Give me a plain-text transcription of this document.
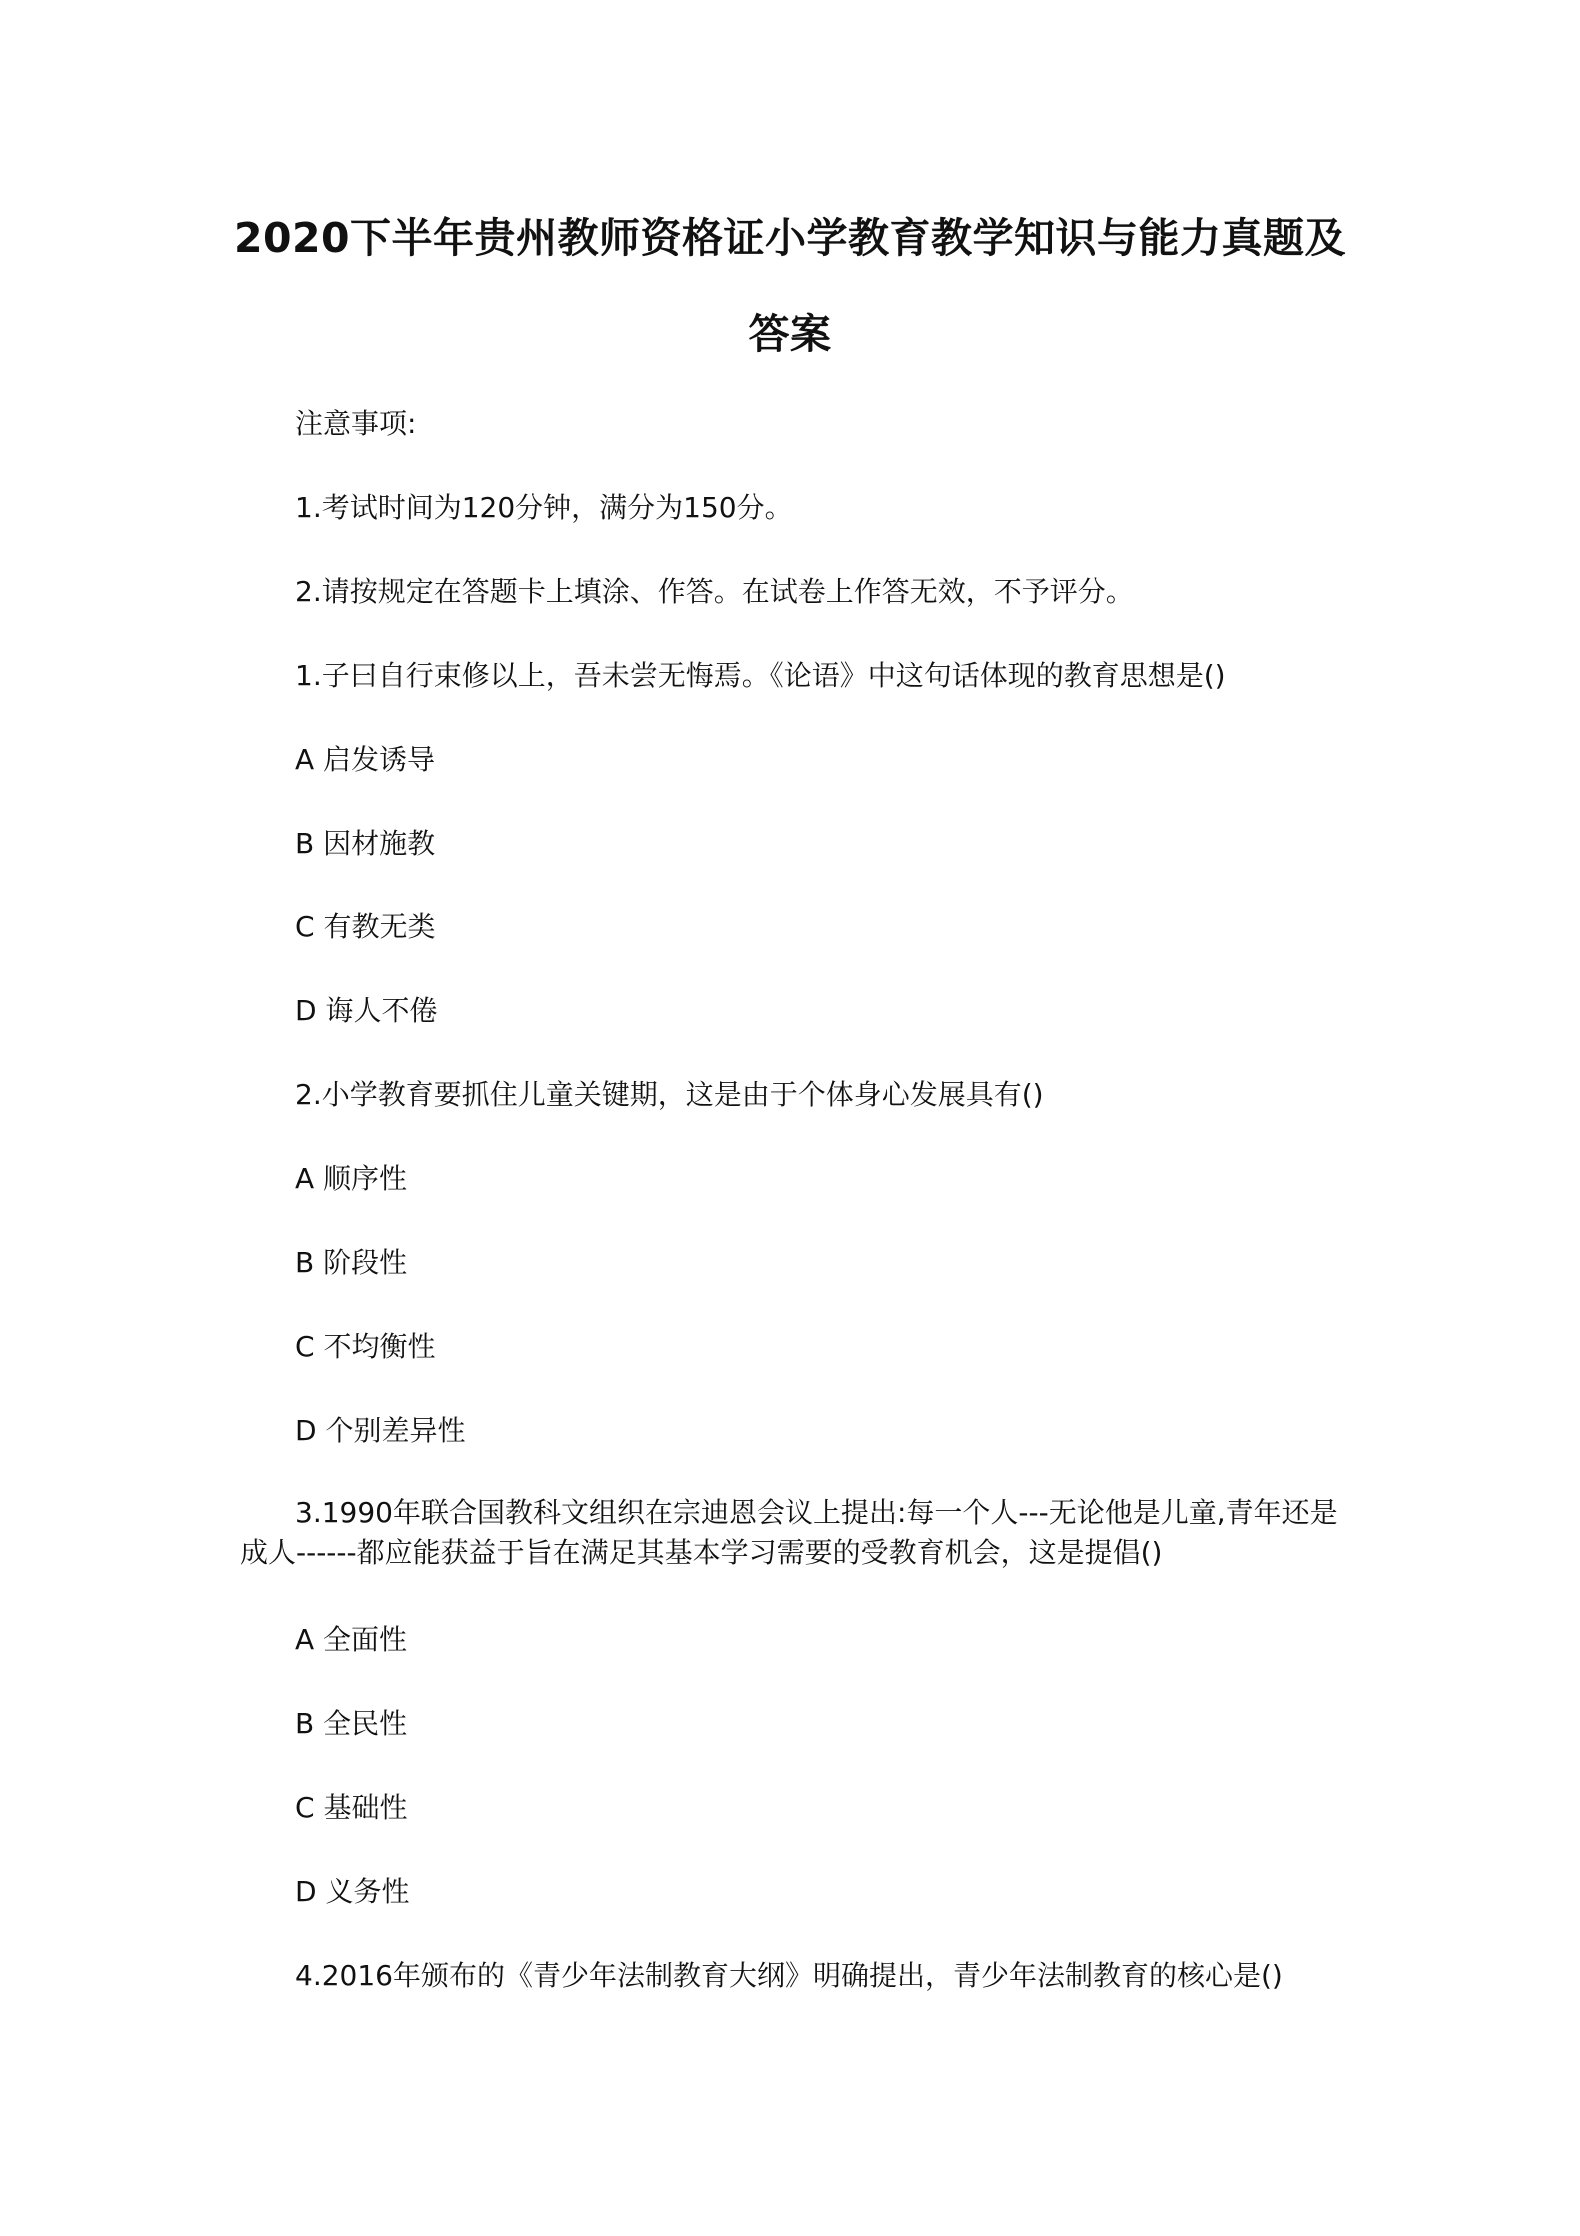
2020下半年贵州教师资格证小学教育教学知识与能力真题及答案

注意事项:

1.考试时间为120分钟，满分为150分。

2.请按规定在答题卡上填涂、作答。在试卷上作答无效，不予评分。

1.子曰自行束修以上，吾未尝无悔焉。《论语》中这句话体现的教育思想是()

A 启发诱导

B 因材施教

C 有教无类

D 诲人不倦

2.小学教育要抓住儿童关键期，这是由于个体身心发展具有()

A 顺序性

B 阶段性

C 不均衡性

D 个别差异性

3.1990年联合国教科文组织在宗迪恩会议上提出:每一个人---无论他是儿童,青年还是成人------都应能获益于旨在满足其基本学习需要的受教育机会，这是提倡()

A 全面性

B 全民性

C 基础性

D 义务性

4.2016年颁布的《青少年法制教育大纲》明确提出，青少年法制教育的核心是()
